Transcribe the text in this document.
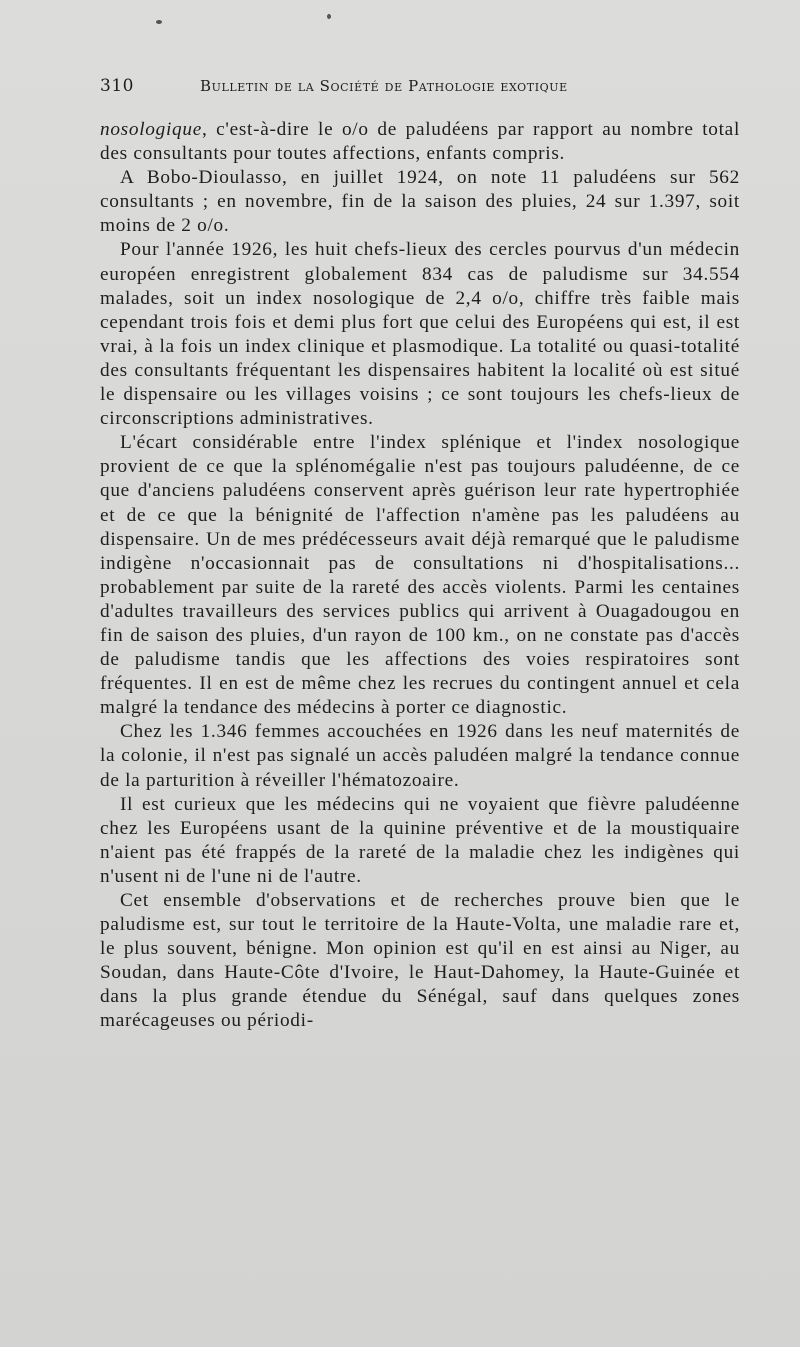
310	Bulletin de la Société de Pathologie exotique

nosologique, c'est-à-dire le o/o de paludéens par rapport au nombre total des consultants pour toutes affections, enfants compris.

A Bobo-Dioulasso, en juillet 1924, on note 11 paludéens sur 562 consultants ; en novembre, fin de la saison des pluies, 24 sur 1.397, soit moins de 2 o/o.

Pour l'année 1926, les huit chefs-lieux des cercles pourvus d'un médecin européen enregistrent globalement 834 cas de paludisme sur 34.554 malades, soit un index nosologique de 2,4 o/o, chiffre très faible mais cependant trois fois et demi plus fort que celui des Européens qui est, il est vrai, à la fois un index clinique et plasmodique. La totalité ou quasi-totalité des consultants fréquentant les dispensaires habitent la localité où est situé le dispensaire ou les villages voisins ; ce sont toujours les chefs-lieux de circonscriptions administratives.

L'écart considérable entre l'index splénique et l'index nosologique provient de ce que la splénomégalie n'est pas toujours paludéenne, de ce que d'anciens paludéens conservent après guérison leur rate hypertrophiée et de ce que la bénignité de l'affection n'amène pas les paludéens au dispensaire. Un de mes prédécesseurs avait déjà remarqué que le paludisme indigène n'occasionnait pas de consultations ni d'hospitalisations... probablement par suite de la rareté des accès violents. Parmi les centaines d'adultes travailleurs des services publics qui arrivent à Ouagadougou en fin de saison des pluies, d'un rayon de 100 km., on ne constate pas d'accès de paludisme tandis que les affections des voies respiratoires sont fréquentes. Il en est de même chez les recrues du contingent annuel et cela malgré la tendance des médecins à porter ce diagnostic.

Chez les 1.346 femmes accouchées en 1926 dans les neuf maternités de la colonie, il n'est pas signalé un accès paludéen malgré la tendance connue de la parturition à réveiller l'hématozoaire.

Il est curieux que les médecins qui ne voyaient que fièvre paludéenne chez les Européens usant de la quinine préventive et de la moustiquaire n'aient pas été frappés de la rareté de la maladie chez les indigènes qui n'usent ni de l'une ni de l'autre.

Cet ensemble d'observations et de recherches prouve bien que le paludisme est, sur tout le territoire de la Haute-Volta, une maladie rare et, le plus souvent, bénigne. Mon opinion est qu'il en est ainsi au Niger, au Soudan, dans Haute-Côte d'Ivoire, le Haut-Dahomey, la Haute-Guinée et dans la plus grande étendue du Sénégal, sauf dans quelques zones marécageuses ou périodi-
